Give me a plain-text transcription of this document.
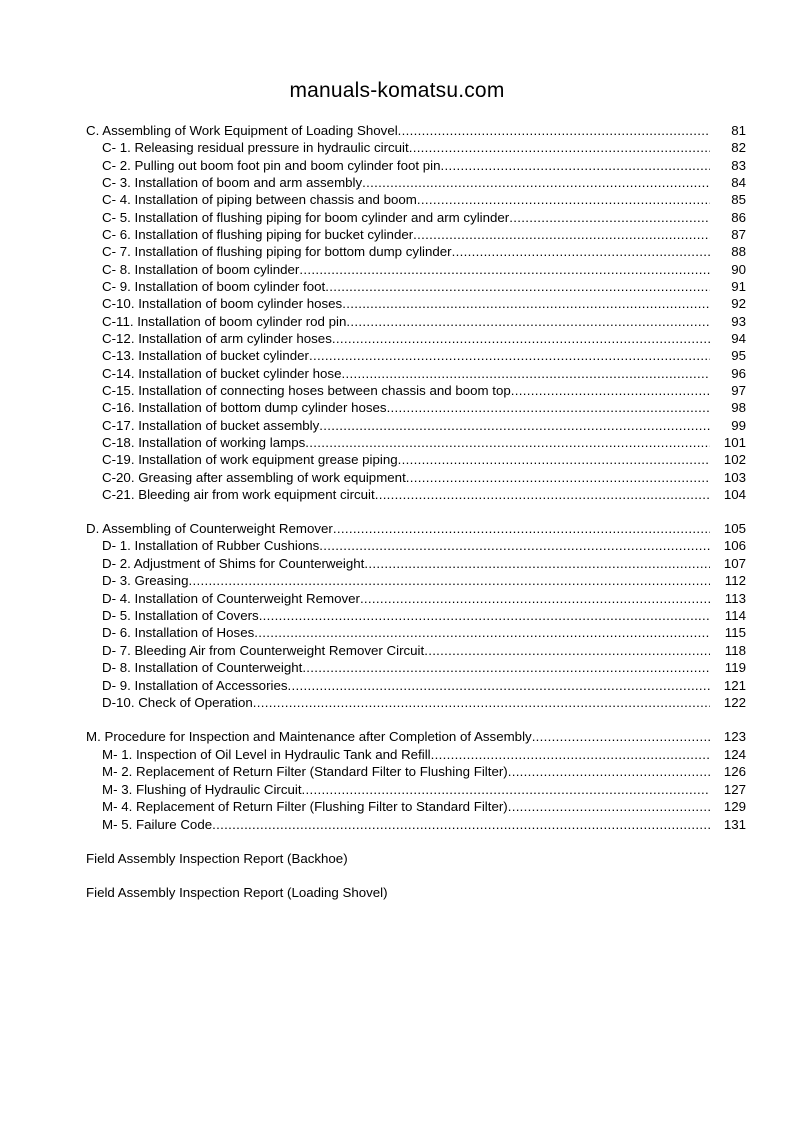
manuals-komatsu.com
C. Assembling of Work Equipment of Loading Shovel .....	81
C- 1. Releasing residual pressure in hydraulic circuit .....	82
C- 2. Pulling out boom foot pin and boom cylinder foot pin .....	83
C- 3. Installation of boom and arm assembly .....	84
C- 4. Installation of piping between chassis and boom .....	85
C- 5. Installation of flushing piping for boom cylinder and arm cylinder .....	86
C- 6. Installation of flushing piping for bucket cylinder .....	87
C- 7. Installation of flushing piping for bottom dump cylinder .....	88
C- 8. Installation of boom cylinder .....	90
C- 9. Installation of boom cylinder foot .....	91
C-10. Installation of boom cylinder hoses .....	92
C-11. Installation of boom cylinder rod pin .....	93
C-12. Installation of arm cylinder hoses .....	94
C-13. Installation of bucket cylinder .....	95
C-14. Installation of bucket cylinder hose .....	96
C-15. Installation of connecting hoses between chassis and boom top .....	97
C-16. Installation of bottom dump cylinder hoses .....	98
C-17. Installation of bucket assembly .....	99
C-18. Installation of working lamps .....	101
C-19. Installation of work equipment grease piping .....	102
C-20. Greasing after assembling of work equipment .....	103
C-21. Bleeding air from work equipment circuit .....	104
D. Assembling of Counterweight Remover .....	105
D- 1. Installation of Rubber Cushions .....	106
D- 2. Adjustment of Shims for Counterweight .....	107
D- 3. Greasing .....	112
D- 4. Installation of Counterweight Remover .....	113
D- 5. Installation of Covers .....	114
D- 6. Installation of Hoses .....	115
D- 7. Bleeding Air from Counterweight Remover Circuit .....	118
D- 8. Installation of Counterweight .....	119
D- 9. Installation of Accessories .....	121
D-10. Check of Operation .....	122
M. Procedure for Inspection and Maintenance after Completion of Assembly .....	123
M- 1. Inspection of Oil Level in Hydraulic Tank and Refill .....	124
M- 2. Replacement of Return Filter (Standard Filter to Flushing Filter) .....	126
M- 3. Flushing of Hydraulic Circuit .....	127
M- 4. Replacement of Return Filter (Flushing Filter to Standard Filter) .....	129
M- 5. Failure Code .....	131
Field Assembly Inspection Report (Backhoe)
Field Assembly Inspection Report (Loading Shovel)
